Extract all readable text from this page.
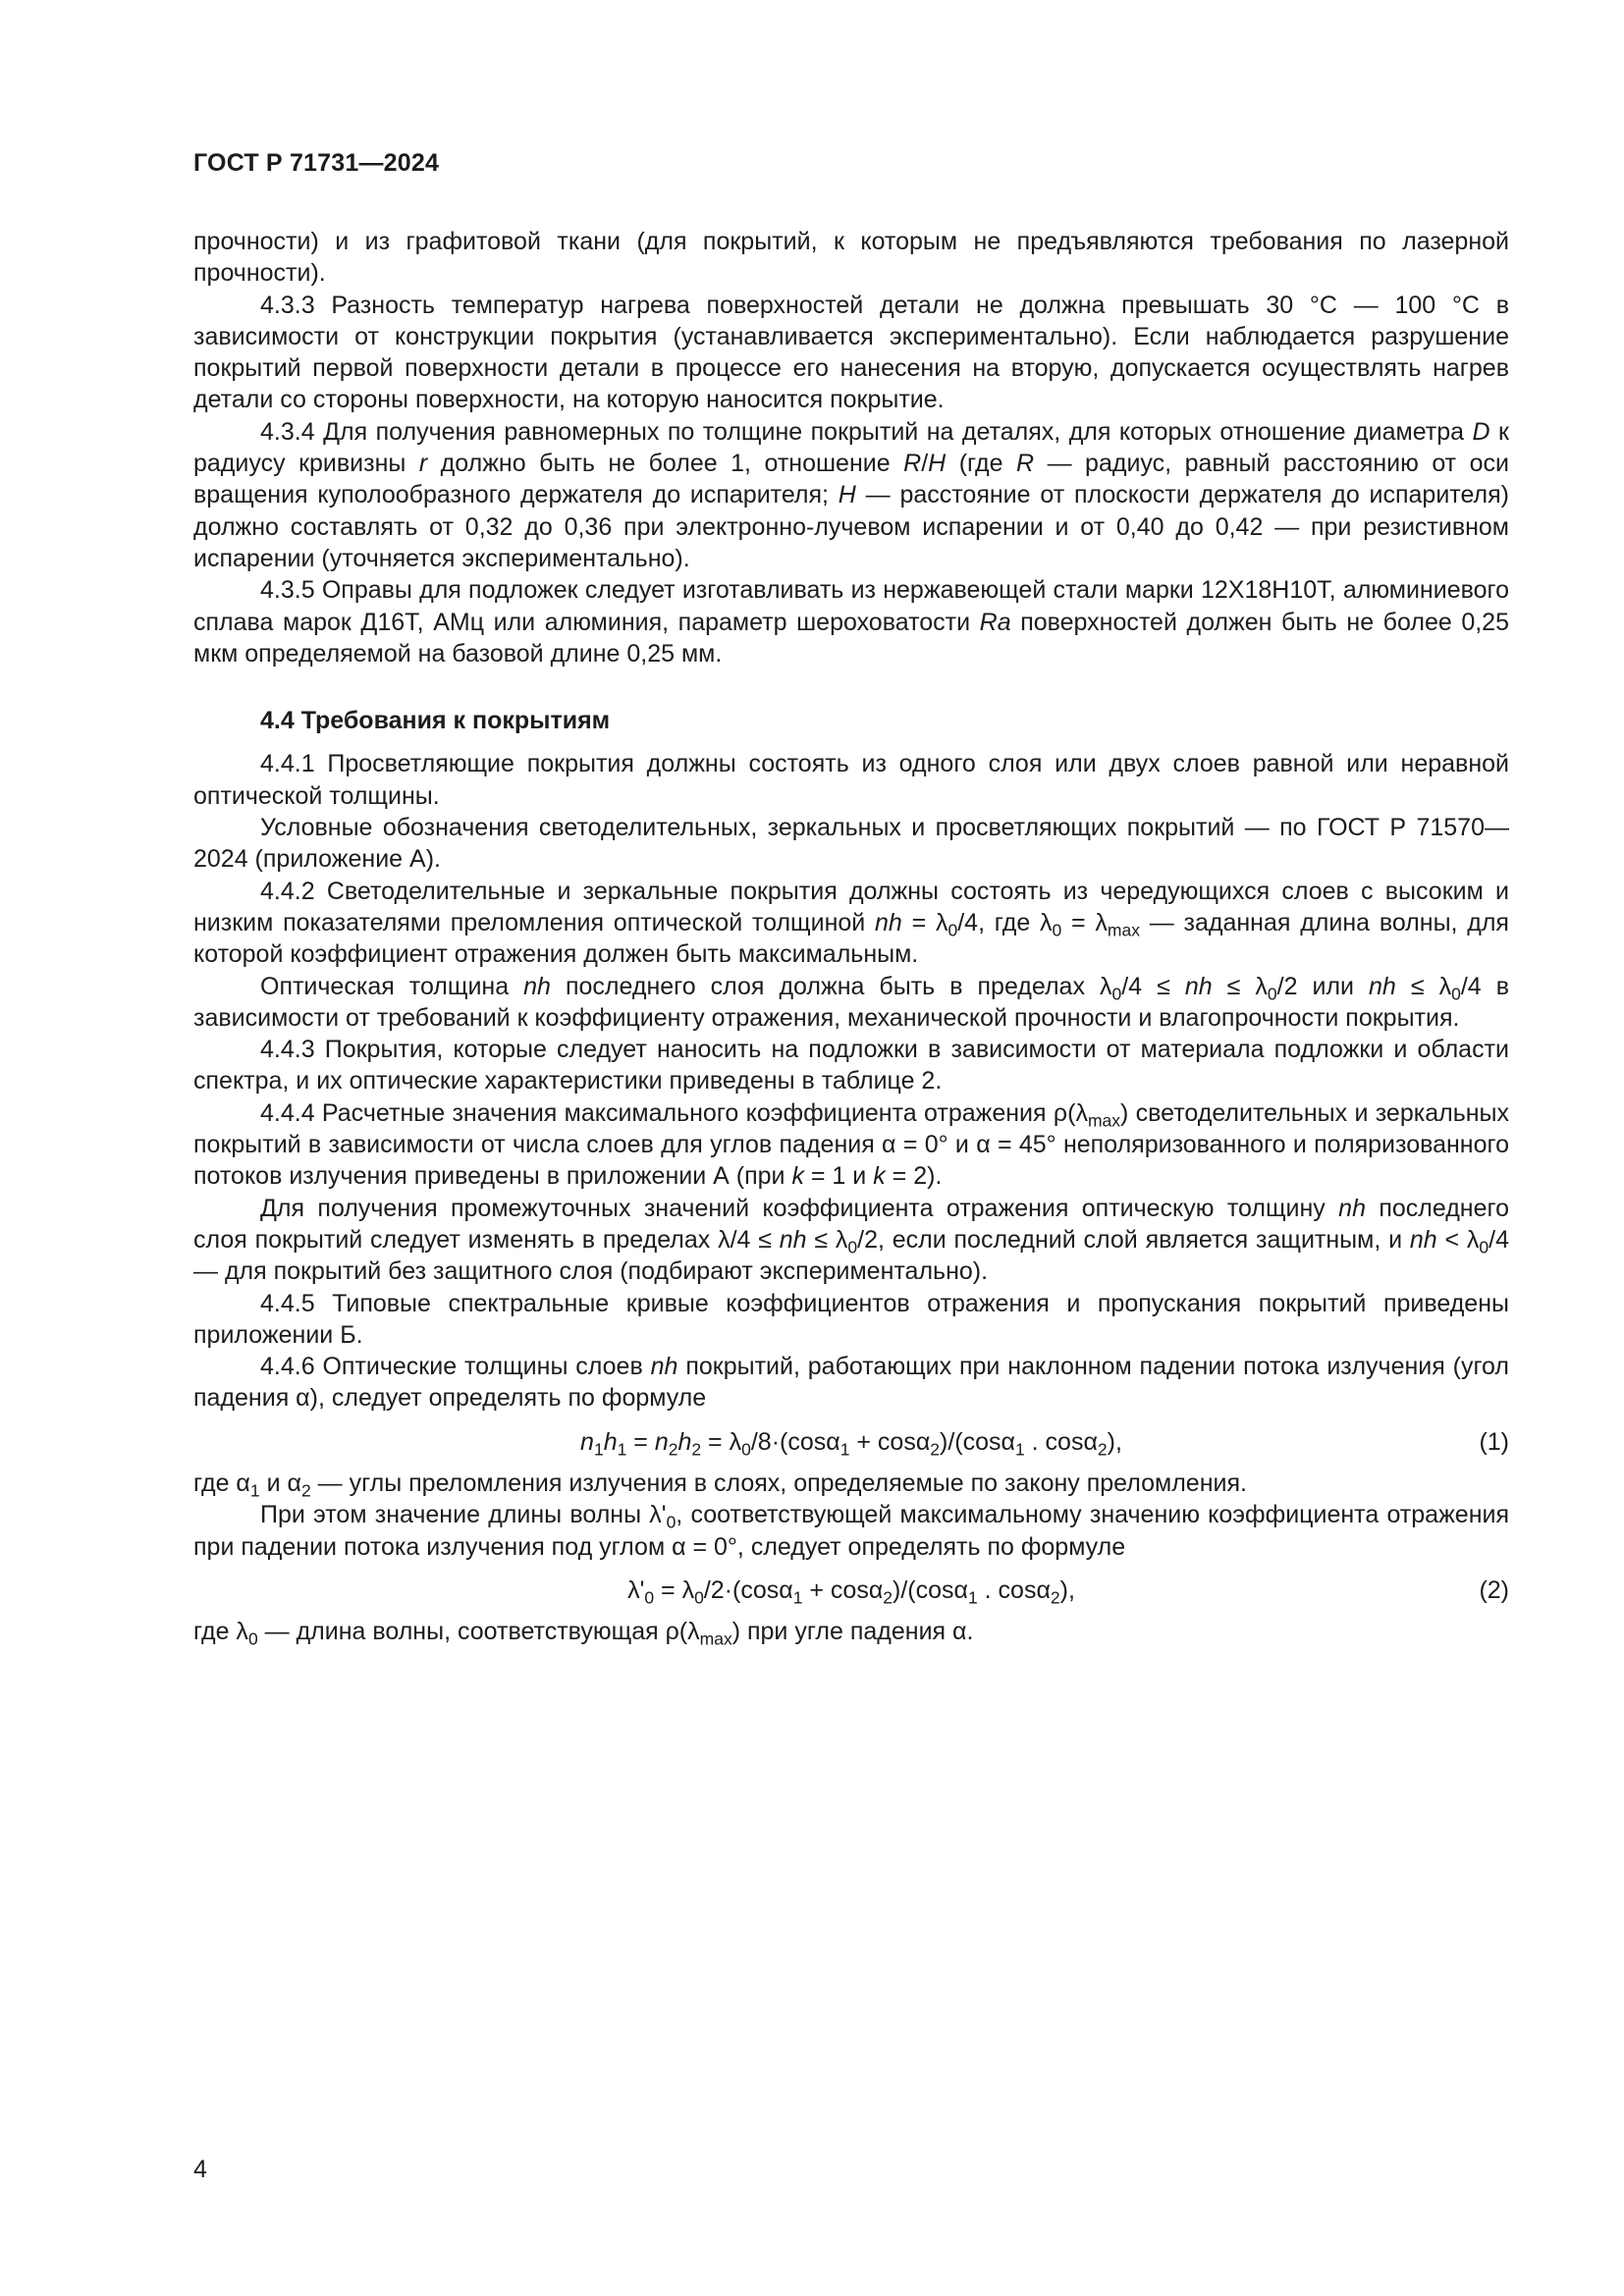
ГОСТ Р 71731—2024

прочности) и из графитовой ткани (для покрытий, к которым не предъявляются требования по лазерной прочности).

4.3.3 Разность температур нагрева поверхностей детали не должна превышать 30 °С — 100 °С в зависимости от конструкции покрытия (устанавливается экспериментально). Если наблюдается разрушение покрытий первой поверхности детали в процессе его нанесения на вторую, допускается осуществлять нагрев детали со стороны поверхности, на которую наносится покрытие.

4.3.4 Для получения равномерных по толщине покрытий на деталях, для которых отношение диаметра D к радиусу кривизны r должно быть не более 1, отношение R/H (где R — радиус, равный расстоянию от оси вращения куполообразного держателя до испарителя; Н — расстояние от плоскости держателя до испарителя) должно составлять от 0,32 до 0,36 при электронно-лучевом испарении и от 0,40 до 0,42 — при резистивном испарении (уточняется экспериментально).

4.3.5 Оправы для подложек следует изготавливать из нержавеющей стали марки 12Х18Н10Т, алюминиевого сплава марок Д16Т, АМц или алюминия, параметр шероховатости Ra поверхностей должен быть не более 0,25 мкм определяемой на базовой длине 0,25 мм.

4.4 Требования к покрытиям

4.4.1 Просветляющие покрытия должны состоять из одного слоя или двух слоев равной или неравной оптической толщины.

Условные обозначения светоделительных, зеркальных и просветляющих покрытий — по ГОСТ Р 71570—2024 (приложение А).

4.4.2 Светоделительные и зеркальные покрытия должны состоять из чередующихся слоев с высоким и низким показателями преломления оптической толщиной nh = $\lambda_0/4$, где $\lambda_0 = \lambda_{max}$ — заданная длина волны, для которой коэффициент отражения должен быть максимальным.

Оптическая толщина nh последнего слоя должна быть в пределах $\lambda_0/4$ ≤ nh ≤ $\lambda_0/2$ или nh ≤ $\lambda_0/4$ в зависимости от требований к коэффициенту отражения, механической прочности и влагопрочности покрытия.

4.4.3 Покрытия, которые следует наносить на подложки в зависимости от материала подложки и области спектра, и их оптические характеристики приведены в таблице 2.

4.4.4 Расчетные значения максимального коэффициента отражения $\rho(\lambda_{max})$ светоделительных и зеркальных покрытий в зависимости от числа слоев для углов падения α = 0° и α = 45° неполяризованного и поляризованного потоков излучения приведены в приложении А (при k = 1 и k = 2).

Для получения промежуточных значений коэффициента отражения оптическую толщину nh последнего слоя покрытий следует изменять в пределах λ/4 ≤ nh ≤ $\lambda_0/2$, если последний слой является защитным, и nh < $\lambda_0/4$ — для покрытий без защитного слоя (подбирают экспериментально).

4.4.5 Типовые спектральные кривые коэффициентов отражения и пропускания покрытий приведены приложении Б.

4.4.6 Оптические толщины слоев nh покрытий, работающих при наклонном падении потока излучения (угол падения α), следует определять по формуле

$n_1h_1 = n_2h_2 = \lambda_0/8\cdot(\cos\alpha_1 + \cos\alpha_2)/(\cos\alpha_1$ . cosα$_2$),	(1)

где $\alpha_1$ и $\alpha_2$ — углы преломления излучения в слоях, определяемые по закону преломления.

При этом значение длины волны $\lambda'_0$, соответствующей максимальному значению коэффициента отражения при падении потока излучения под углом α = 0°, следует определять по формуле

$\lambda'_0 = \lambda_0/2\cdot(\cos\alpha_1 + \cos\alpha_2)/(\cos\alpha_1$ . cosα$_2$),	(2)

где $\lambda_0$ — длина волны, соответствующая $\rho(\lambda_{max})$ при угле падения α.

4
